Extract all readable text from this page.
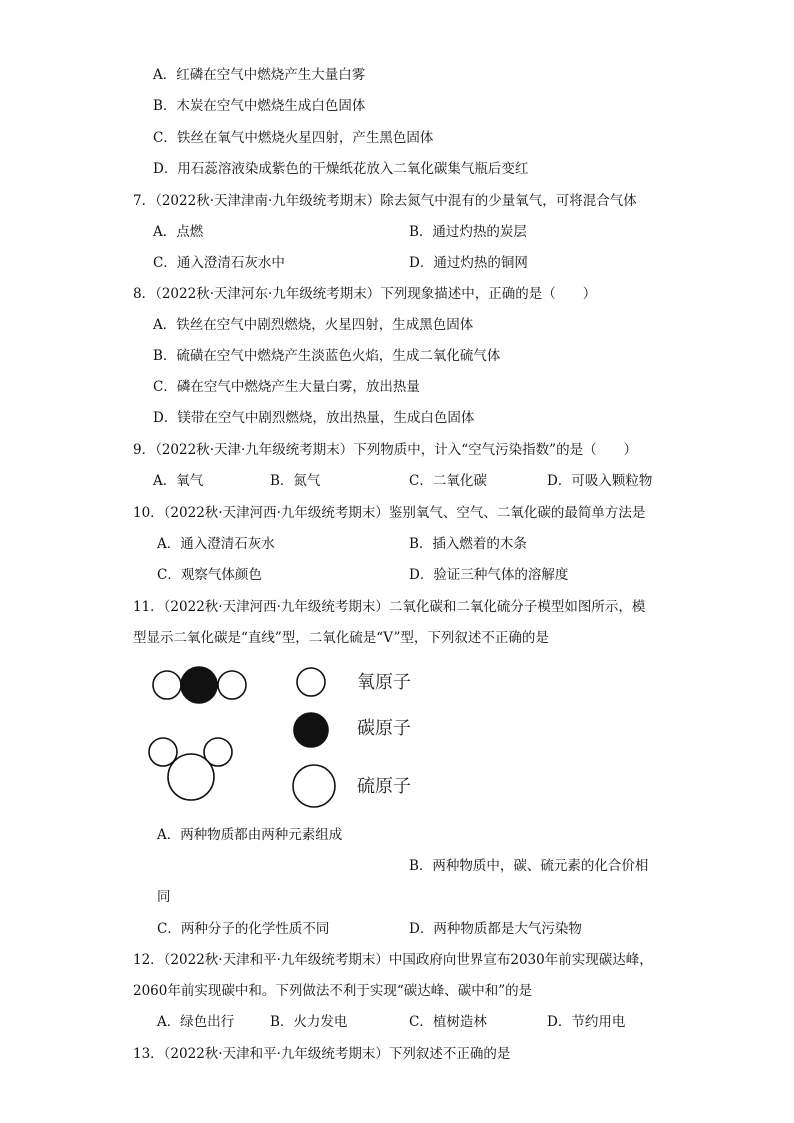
A．红磷在空气中燃烧产生大量白雾
B．木炭在空气中燃烧生成白色固体
C．铁丝在氧气中燃烧火星四射，产生黑色固体
D．用石蕊溶液染成紫色的干燥纸花放入二氧化碳集气瓶后变红
7．（2022秋·天津津南·九年级统考期末）除去氮气中混有的少量氧气，可将混合气体
A．点燃	B．通过灼热的炭层
C．通入澄清石灰水中	D．通过灼热的铜网
8．（2022秋·天津河东·九年级统考期末）下列现象描述中，正确的是（　　）
A．铁丝在空气中剧烈燃烧，火星四射，生成黑色固体
B．硫磺在空气中燃烧产生淡蓝色火焰，生成二氧化硫气体
C．磷在空气中燃烧产生大量白雾，放出热量
D．镁带在空气中剧烈燃烧，放出热量，生成白色固体
9．（2022秋·天津·九年级统考期末）下列物质中，计入“空气污染指数”的是（　　）
A．氧气	B．氮气	C．二氧化碳	D．可吸入颗粒物
10．（2022秋·天津河西·九年级统考期末）鉴别氧气、空气、二氧化碳的最简单方法是
A．通入澄清石灰水	B．插入燃着的木条
C．观察气体颜色	D．验证三种气体的溶解度
11．（2022秋·天津河西·九年级统考期末）二氧化碳和二氧化硫分子模型如图所示，模
型显示二氧化碳是“直线”型，二氧化硫是“V”型，下列叙述不正确的是
氧原子
碳原子
硫原子
A．两种物质都由两种元素组成
B．两种物质中，碳、硫元素的化合价相
同
C．两种分子的化学性质不同	D．两种物质都是大气污染物
12．（2022秋·天津和平·九年级统考期末）中国政府向世界宣布2030年前实现碳达峰，
2060年前实现碳中和。下列做法不利于实现“碳达峰、碳中和”的是
A．绿色出行	B．火力发电	C．植树造林	D．节约用电
13．（2022秋·天津和平·九年级统考期末）下列叙述不正确的是
